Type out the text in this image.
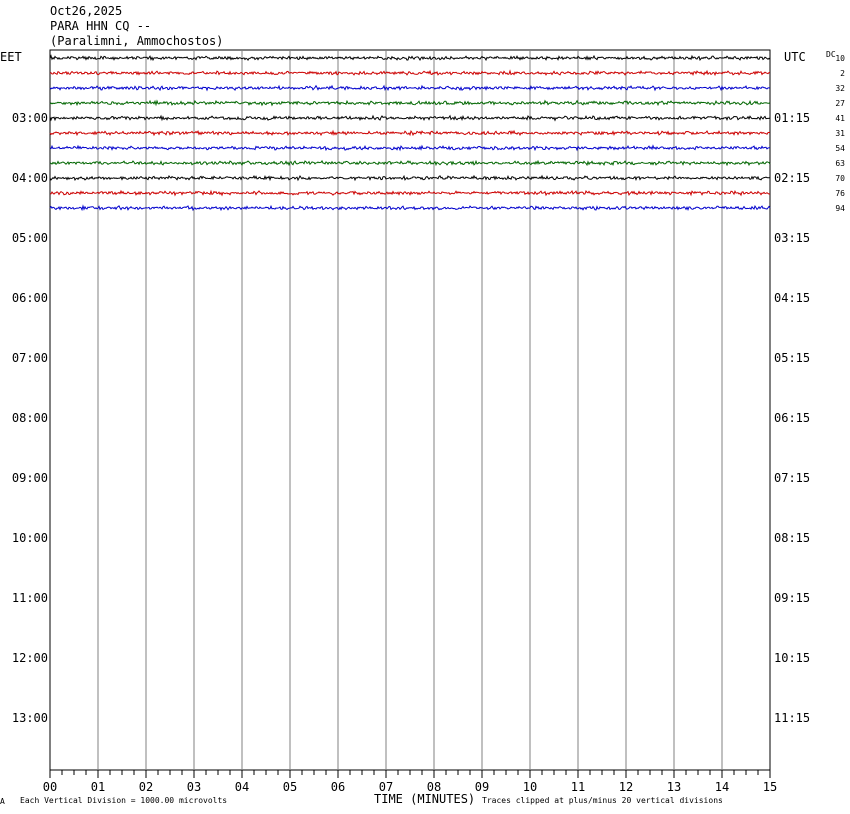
Oct26,2025
PARA HHN CQ --
(Paralimni, Ammochostos)
00	01	02	03	04	05	06	07	08	09	10	11	12	13	14	15
03:00
04:00
05:00
06:00
07:00
08:00
09:00
10:00
11:00
12:00
13:00
01:15
02:15
03:15
04:15
05:15
06:15
07:15
08:15
09:15
10:15
11:15
10
2
32
27
41
31
54
63
70
76
94
EET	UTC	DC
A Each Vertical Division = 1000.00 microvolts	TIME (MINUTES) Traces clipped at plus/minus 20 vertical divisions
